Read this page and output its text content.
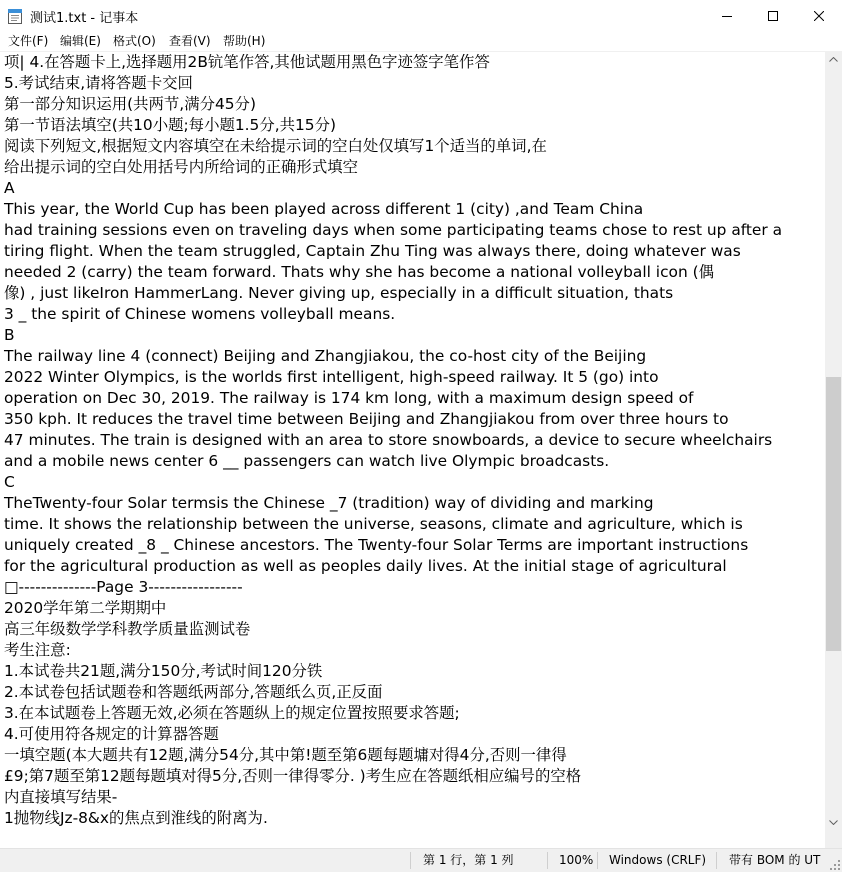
测试1.txt - 记事本
文件(F) 编辑(E) 格式(O) 查看(V) 帮助(H)
项| 4.在答题卡上,选择题用2B钪笔作答,其他试题用黑色字迹签字笔作答
5.考试结束,请将答题卡交回
第一部分知识运用(共两节,满分45分)
第一节语法填空(共10小题;每小题1.5分,共15分)
阅读下列短文,根据短文内容填空在未给提示词的空白处仅填写1个适当的单词,在
给出提示词的空白处用括号内所给词的正确形式填空
A
This year, the World Cup has been played across different 1 (city) ,and Team China
had training sessions even on traveling days when some participating teams chose to rest up after a
tiring flight. When the team struggled, Captain Zhu Ting was always there, doing whatever was
needed 2 (carry) the team forward. Thats why she has become a national volleyball icon (偶
像) , just likeIron HammerLang. Never giving up, especially in a difficult situation, thats
3 _ the spirit of Chinese womens volleyball means.
B
The railway line 4 (connect) Beijing and Zhangjiakou, the co-host city of the Beijing
2022 Winter Olympics, is the worlds first intelligent, high-speed railway. It 5 (go) into
operation on Dec 30, 2019. The railway is 174 km long, with a maximum design speed of
350 kph. It reduces the travel time between Beijing and Zhangjiakou from over three hours to
47 minutes. The train is designed with an area to store snowboards, a device to secure wheelchairs
and a mobile news center 6 __ passengers can watch live Olympic broadcasts.
C
TheTwenty-four Solar termsis the Chinese _7 (tradition) way of dividing and marking
time. It shows the relationship between the universe, seasons, climate and agriculture, which is
uniquely created _8 _ Chinese ancestors. The Twenty-four Solar Terms are important instructions
for the agricultural production as well as peoples daily lives. At the initial stage of agricultural
□--------------Page 3-----------------
2020学年第二学期期中
高三年级数学学科教学质量监测试卷
考生注意:
1.本试卷共21题,满分150分,考试时间120分铁
2.本试卷包括试题卷和答题纸两部分,答题纸么页,正反面
3.在本试题卷上答题无效,必须在答题纵上的规定位置按照要求答题;
4.可使用符各规定的计算器答题
一填空题(本大题共有12题,满分54分,其中第!题至第6题每题墉对得4分,否则一律得
£9;第7题至第12题每题填对得5分,否则一律得零分. )考生应在答题纸相应编号的空格
内直接填写结果-
1抛物线Jz-8&x的焦点到淮线的附离为.
第 1 行，第 1 列	100% Windows (CRLF) 带有 BOM 的 UT
